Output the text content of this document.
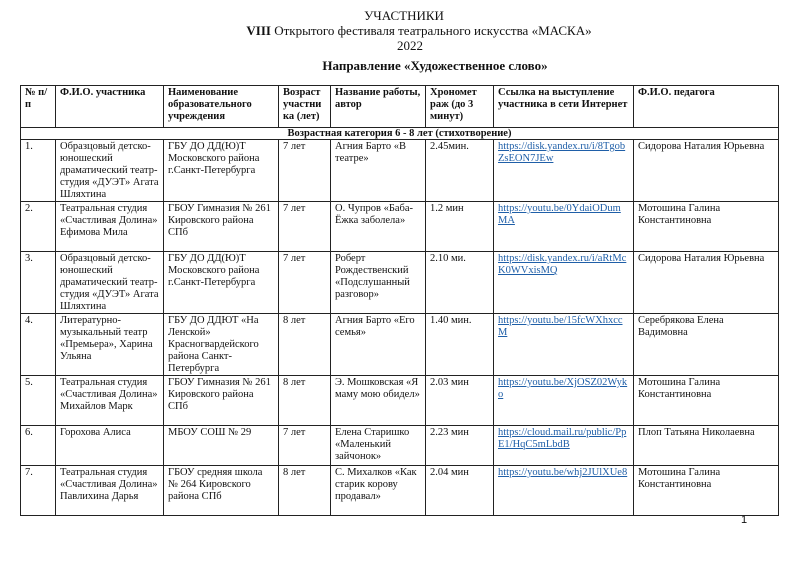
УЧАСТНИКИ
VIII Открытого фестиваля театрального искусства «МАСКА»
2022
Направление «Художественное слово»
№ п/п	Ф.И.О. участника	Наименование образовательного учреждения	Возраст участни ка (лет)	Название работы, автор	Хрономет раж (до 3 минут)	Ссылка на выступление участника в сети Интернет	Ф.И.О. педагога
Возрастная категория 6 - 8 лет (стихотворение)							
1.	Образцовый детско-юношеский драматический театр-студия «ДУЭТ» Агата Шляхтина	ГБУ ДО ДД(Ю)Т Московского района г.Санкт-Петербурга	7 лет	Агния Барто «В театре»	2.45мин.	https://disk.yandex.ru/i/8TgobZsEON7JEw	Сидорова Наталия Юрьевна
2.	Театральная студия «Счастливая Долина» Ефимова Мила	ГБОУ Гимназия № 261 Кировского района СПб	7 лет	О. Чупров «Баба-Ёжка заболела»	1.2 мин	https://youtu.be/0YdaiODumMA	Мотошина Галина Константиновна
3.	Образцовый детско-юношеский драматический театр-студия «ДУЭТ» Агата Шляхтина	ГБУ ДО ДД(Ю)Т Московского района г.Санкт-Петербурга	7 лет	Роберт Рождественский «Подслушанный разговор»	2.10 ми.	https://disk.yandex.ru/i/aRtMcK0WVxisMQ	Сидорова Наталия Юрьевна
4.	Литературно-музыкальный театр «Премьера», Харина Ульяна	ГБУ ДО ДДЮТ «На Ленской» Красногвардейского района Санкт-Петербурга	8 лет	Агния Барто «Его семья»	1.40 мин.	https://youtu.be/15fcWXhxccM	Серебрякова Елена Вадимовна
5.	Театральная студия «Счастливая Долина» Михайлов Марк	ГБОУ Гимназия № 261 Кировского района СПб	8 лет	Э. Мошковская «Я маму мою обидел»	2.03 мин	https://youtu.be/XjOSZ02Wyko	Мотошина Галина Константиновна
6.	Горохова Алиса	МБОУ СОШ № 29	7 лет	Елена Старишко «Маленький зайчонок»	2.23 мин	https://cloud.mail.ru/public/PpE1/HqC5mLbdB	Плоп Татьяна Николаевна
7.	Театральная студия «Счастливая Долина» Павлихина Дарья	ГБОУ средняя школа № 264 Кировского района СПб	8 лет	С. Михалков «Как старик корову продавал»	2.04 мин	https://youtu.be/whj2JUlXUe8	Мотошина Галина Константиновна
1
